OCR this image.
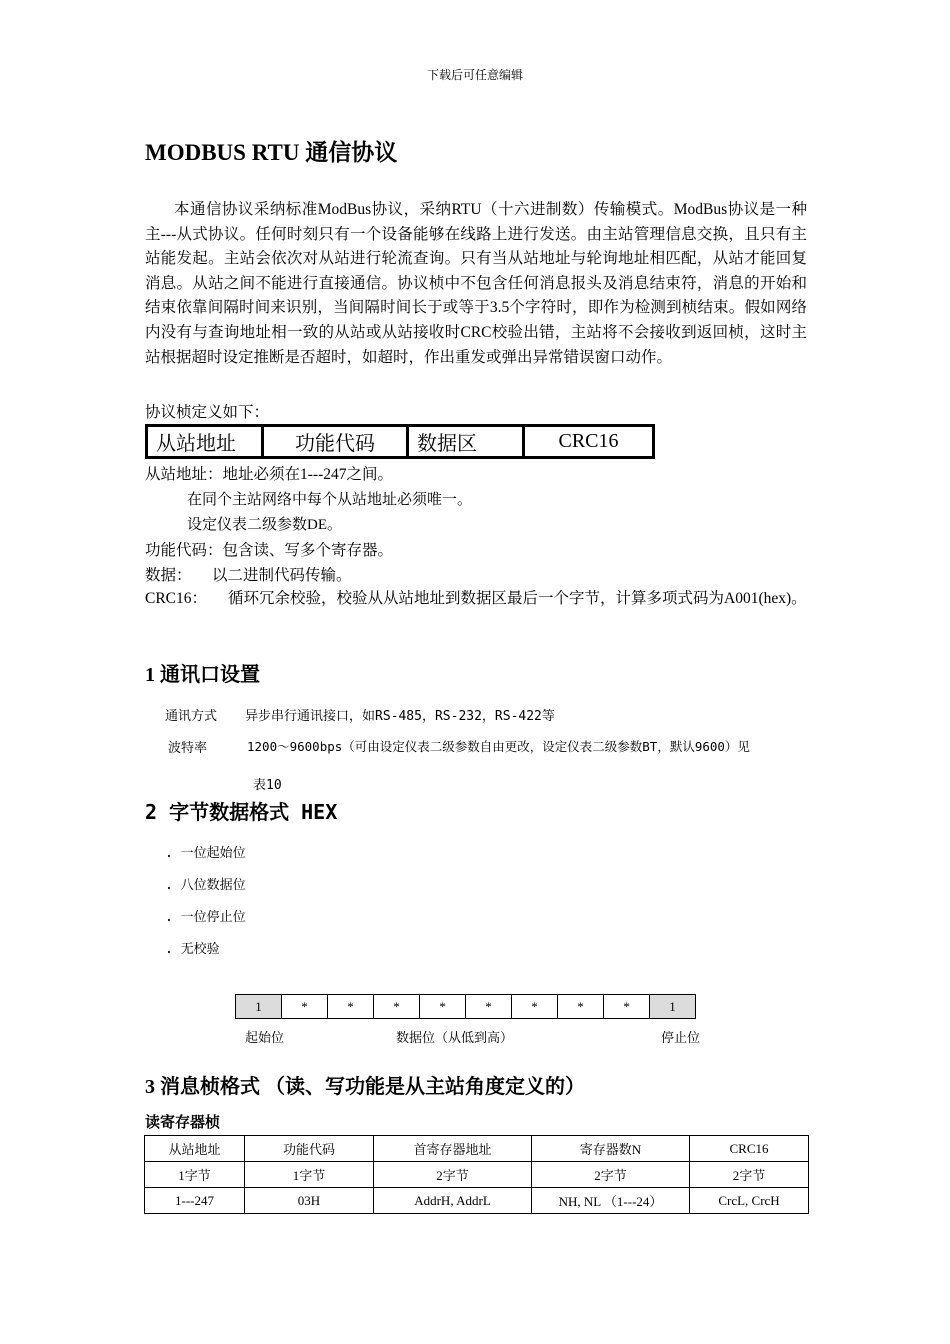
下载后可任意编辑
MODBUS RTU 通信协议

本通信协议采纳标准ModBus协议，采纳RTU（十六进制数）传输模式。ModBus协议是一种主---从式协议。任何时刻只有一个设备能够在线路上进行发送。由主站管理信息交换，且只有主站能发起。主站会依次对从站进行轮流查询。只有当从站地址与轮询地址相匹配，从站才能回复消息。从站之间不能进行直接通信。协议桢中不包含任何消息报头及消息结束符，消息的开始和结束依靠间隔时间来识别，当间隔时间长于或等于3.5个字符时，即作为检测到桢结束。假如网络内没有与查询地址相一致的从站或从站接收时CRC校验出错，主站将不会接收到返回桢，这时主站根据超时设定推断是否超时，如超时，作出重发或弹出异常错误窗口动作。

协议桢定义如下：
从站地址	功能代码	数据区	CRC16
从站地址：地址必须在1---247之间。
在同个主站网络中每个从站地址必须唯一。
设定仪表二级参数DE。
功能代码：包含读、写多个寄存器。
数据： 以二进制代码传输。
CRC16： 循环冗余校验，校验从从站地址到数据区最后一个字节，计算多项式码为A001(hex)。
1 通讯口设置
通讯方式 异步串行通讯接口，如RS-485，RS-232，RS-422等
波特率	1200～9600bps（可由设定仪表二级参数自由更改，设定仪表二级参数BT，默认9600）见
表10
2 字节数据格式 HEX
. 一位起始位
. 八位数据位
. 一位停止位
. 无校验
1	*	*	*	*	*	*	*	*	1
起始位	数据位（从低到高）	停止位
3 消息桢格式 （读、写功能是从主站角度定义的）
读寄存器桢
从站地址	功能代码	首寄存器地址	寄存器数N	CRC16
1字节	1字节	2字节	2字节	2字节
1---247	03H	AddrH, AddrL	NH, NL （1---24）	CrcL, CrcH
